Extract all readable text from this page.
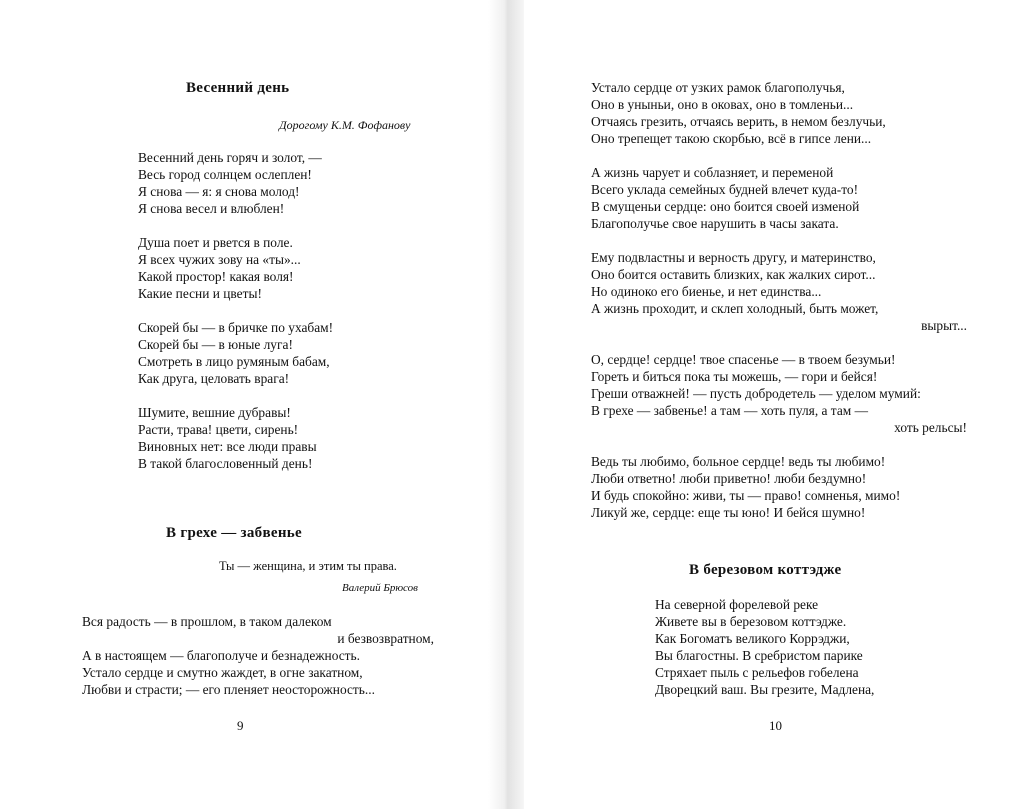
Весенний день
Дорогому К.М. Фофанову
Весенний день горяч и золот, —
Весь город солнцем ослеплен!
Я снова — я: я снова молод!
Я снова весел и влюблен!
Душа поет и рвется в поле.
Я всех чужих зову на «ты»...
Какой простор! какая воля!
Какие песни и цветы!
Скорей бы — в бричке по ухабам!
Скорей бы — в юные луга!
Смотреть в лицо румяным бабам,
Как друга, целовать врага!
Шумите, вешние дубравы!
Расти, трава! цвети, сирень!
Виновных нет: все люди правы
В такой благословенный день!
В грехе — забвенье
Ты — женщина, и этим ты права.
Валерий Брюсов
Вся радость — в прошлом, в таком далеком
и безвозвратном,
А в настоящем — благополуче и безнадежность.
Устало сердце и смутно жаждет, в огне закатном,
Любви и страсти; — его пленяет неосторожность...
9
Устало сердце от узких рамок благополучья,
Оно в уныньи, оно в оковах, оно в томленьи...
Отчаясь грезить, отчаясь верить, в немом безлучьи,
Оно трепещет такою скорбью, всё в гипсе лени...
А жизнь чарует и соблазняет, и переменой
Всего уклада семейных будней влечет куда-то!
В смущеньи сердце: оно боится своей изменой
Благополучье свое нарушить в часы заката.
Ему подвластны и верность другу, и материнство,
Оно боится оставить близких, как жалких сирот...
Но одиноко его биенье, и нет единства...
А жизнь проходит, и склеп холодный, быть может,
вырыт...
О, сердце! сердце! твое спасенье — в твоем безумьи!
Гореть и биться пока ты можешь, — гори и бейся!
Греши отважней! — пусть добродетель — уделом мумий:
В грехе — забвенье! а там — хоть пуля, а там —
хоть рельсы!
Ведь ты любимо, больное сердце! ведь ты любимо!
Люби ответно! люби приветно! люби бездумно!
И будь спокойно: живи, ты — право! сомненья, мимо!
Ликуй же, сердце: еще ты юно! И бейся шумно!
В березовом коттэдже
На северной форелевой реке
Живете вы в березовом коттэдже.
Как Богоматъ великого Коррэджи,
Вы благостны. В сребристом парике
Стряхает пыль с рельефов гобелена
Дворецкий ваш. Вы грезите, Мадлена,
10
